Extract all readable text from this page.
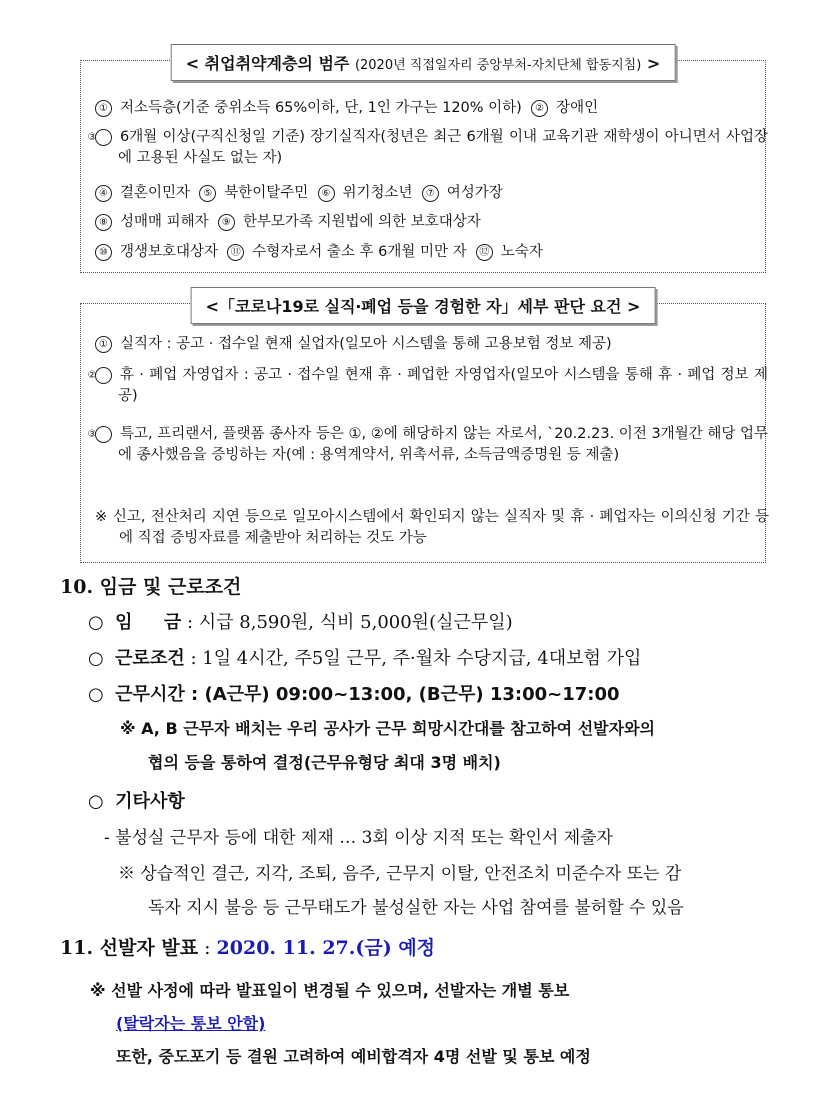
< 취업취약계층의 범주 (2020년 직접일자리 중앙부처-자치단체 합동지침) >
① 저소득층(기준 중위소득 65%이하, 단, 1인 가구는 120% 이하) ② 장애인
③ 6개월 이상(구직신청일 기준) 장기실직자(청년은 최근 6개월 이내 교육기관 재학생이 아니면서 사업장에 고용된 사실도 없는 자)
④ 결혼이민자 ⑤ 북한이탈주민 ⑥ 위기청소년 ⑦ 여성가장
⑧ 성매매 피해자 ⑨ 한부모가족 지원법에 의한 보호대상자
⑩ 갱생보호대상자 ⑪ 수형자로서 출소 후 6개월 미만 자 ⑫ 노숙자
<「코로나19로 실직‧폐업 등을 경험한 자」세부 판단 요건 >
① 실직자 : 공고 · 접수일 현재 실업자(일모아 시스템을 통해 고용보험 정보 제공)
② 휴 · 폐업 자영업자 : 공고 · 접수일 현재 휴 · 폐업한 자영업자(일모아 시스템을 통해 휴 · 폐업 정보 제공)
③ 특고, 프리랜서, 플랫폼 종사자 등은 ①, ②에 해당하지 않는 자로서, `20.2.23. 이전 3개월간 해당 업무에 종사했음을 증빙하는 자(예 : 용역계약서, 위촉서류, 소득금액증명원 등 제출)
※ 신고, 전산처리 지연 등으로 일모아시스템에서 확인되지 않는 실직자 및 휴 · 폐업자는 이의신청 기간 등에 직접 증빙자료를 제출받아 처리하는 것도 가능
10. 임금 및 근로조건
○ 임     금 : 시급 8,590원, 식비 5,000원(실근무일)
○ 근로조건 : 1일 4시간, 주5일 근무, 주·월차 수당지급, 4대보험 가입
○ 근무시간 : (A근무) 09:00~13:00, (B근무) 13:00~17:00
※ A, B 근무자 배치는 우리 공사가 근무 희망시간대를 참고하여 선발자와의
협의 등을 통하여 결정(근무유형당 최대 3명 배치)
○ 기타사항
- 불성실 근무자 등에 대한 제재 … 3회 이상 지적 또는 확인서 제출자
※ 상습적인 결근, 지각, 조퇴, 음주, 근무지 이탈, 안전조치 미준수자 또는 감
독자 지시 불응 등 근무태도가 불성실한 자는 사업 참여를 불허할 수 있음
11. 선발자 발표 : 2020. 11. 27.(금) 예정
※ 선발 사정에 따라 발표일이 변경될 수 있으며, 선발자는 개별 통보
(탈락자는 통보 안함)
또한, 중도포기 등 결원 고려하여 예비합격자 4명 선발 및 통보 예정
